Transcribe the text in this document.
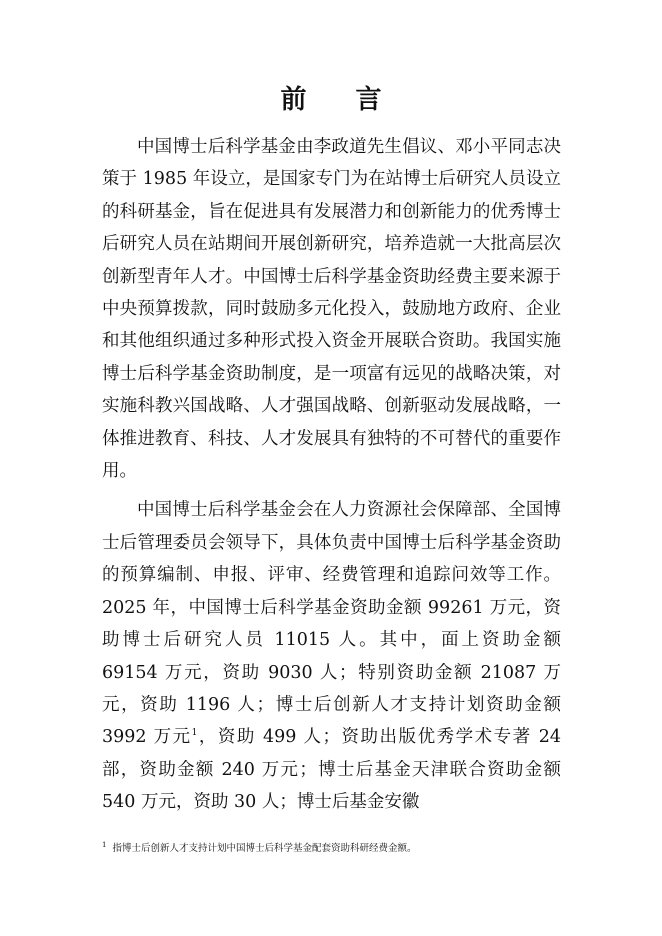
前 言

中国博士后科学基金由李政道先生倡议、邓小平同志决策于 1985 年设立，是国家专门为在站博士后研究人员设立的科研基金，旨在促进具有发展潜力和创新能力的优秀博士后研究人员在站期间开展创新研究，培养造就一大批高层次创新型青年人才。中国博士后科学基金资助经费主要来源于中央预算拨款，同时鼓励多元化投入，鼓励地方政府、企业和其他组织通过多种形式投入资金开展联合资助。我国实施博士后科学基金资助制度，是一项富有远见的战略决策，对实施科教兴国战略、人才强国战略、创新驱动发展战略，一体推进教育、科技、人才发展具有独特的不可替代的重要作用。

中国博士后科学基金会在人力资源社会保障部、全国博士后管理委员会领导下，具体负责中国博士后科学基金资助的预算编制、申报、评审、经费管理和追踪问效等工作。2025 年，中国博士后科学基金资助金额 99261 万元，资助博士后研究人员 11015 人。其中，面上资助金额 69154 万元，资助 9030 人；特别资助金额 21087 万元，资助 1196 人；博士后创新人才支持计划资助金额 3992 万元$^1$，资助 499 人；资助出版优秀学术专著 24 部，资助金额 240 万元；博士后基金天津联合资助金额 540 万元，资助 30 人；博士后基金安徽

$^1$ 指博士后创新人才支持计划中国博士后科学基金配套资助科研经费金额。
